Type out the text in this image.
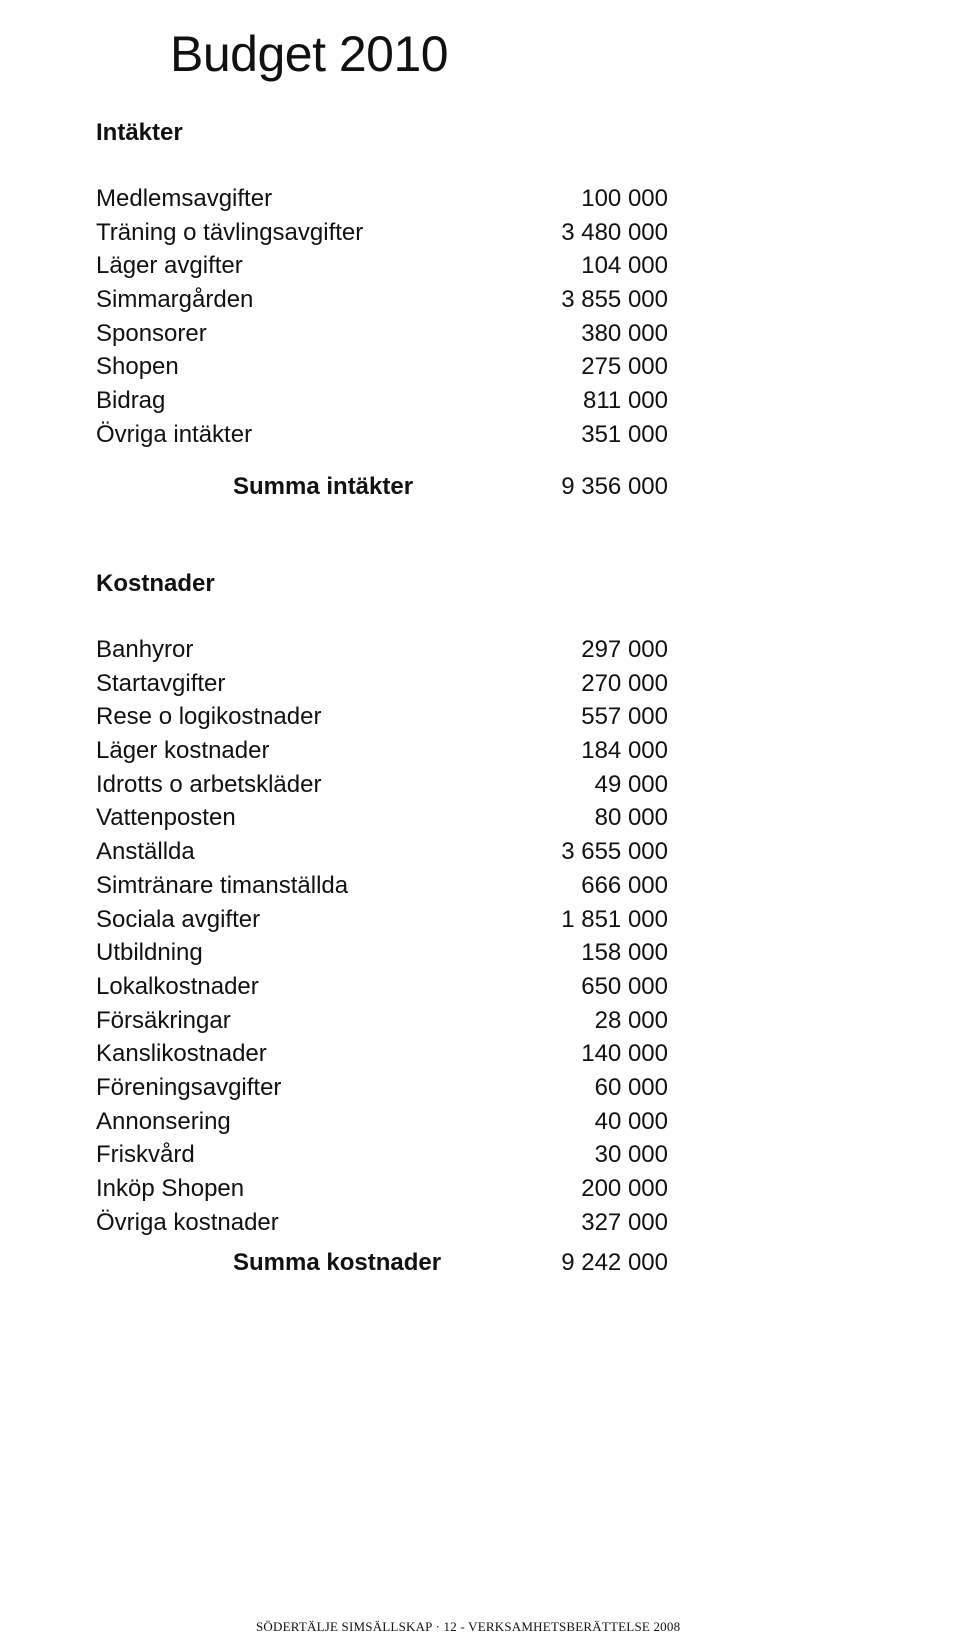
Budget 2010
Intäkter
Medlemsavgifter	100 000
Träning o tävlingsavgifter	3 480 000
Läger avgifter	104 000
Simmargården	3 855 000
Sponsorer	380 000
Shopen	275 000
Bidrag	811 000
Övriga intäkter	351 000
Summa intäkter	9 356 000
Kostnader
Banhyror	297 000
Startavgifter	270 000
Rese o logikostnader	557 000
Läger kostnader	184 000
Idrotts o arbetskläder	49 000
Vattenposten	80 000
Anställda	3 655 000
Simtränare timanställda	666 000
Sociala avgifter	1 851 000
Utbildning	158 000
Lokalkostnader	650 000
Försäkringar	28 000
Kanslikostnader	140 000
Föreningsavgifter	60 000
Annonsering	40 000
Friskvård	30 000
Inköp Shopen	200 000
Övriga kostnader	327 000
Summa kostnader	9 242 000
SÖDERTÄLJE SIMSÄLLSKAP · 12 - VERKSAMHETSBERÄTTELSE 2008
